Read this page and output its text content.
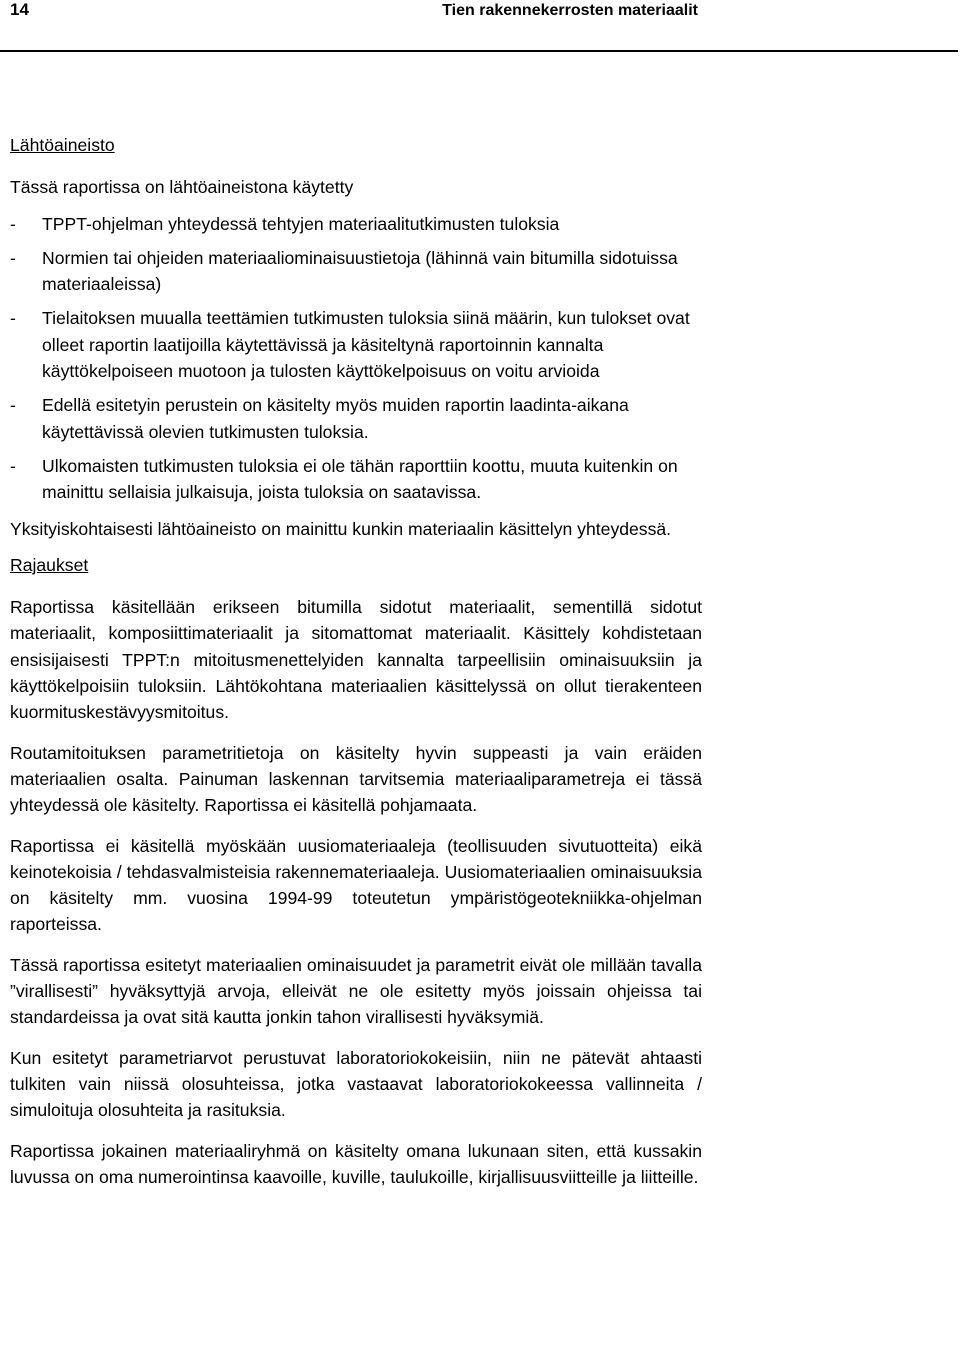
14	Tien rakennekerrosten materiaalit

Lähtöaineisto

Tässä raportissa on lähtöaineistona käytetty

- TPPT-ohjelman yhteydessä tehtyjen materiaalitutkimusten tuloksia
- Normien tai ohjeiden materiaaliominaisuustietoja (lähinnä vain bitumilla sidotuissa materiaaleissa)
- Tielaitoksen muualla teettämien tutkimusten tuloksia siinä määrin, kun tulokset ovat olleet raportin laatijoilla käytettävissä ja käsiteltynä raportoinnin kannalta käyttökelpoiseen muotoon ja tulosten käyttökelpoisuus on voitu arvioida
- Edellä esitetyin perustein on käsitelty myös muiden raportin laadinta-aikana käytettävissä olevien tutkimusten tuloksia.
- Ulkomaisten tutkimusten tuloksia ei ole tähän raporttiin koottu, muuta kuitenkin on mainittu sellaisia julkaisuja, joista tuloksia on saatavissa.

Yksityiskohtaisesti lähtöaineisto on mainittu kunkin materiaalin käsittelyn yhteydessä.

Rajaukset

Raportissa käsitellään erikseen bitumilla sidotut materiaalit, sementillä sidotut materiaalit, komposiittimateriaalit ja sitomattomat materiaalit. Käsittely kohdistetaan ensisijaisesti TPPT:n mitoitusmenettelyiden kannalta tarpeellisiin ominaisuuksiin ja käyttökelpoisiin tuloksiin. Lähtökohtana materiaalien käsittelyssä on ollut tierakenteen kuormituskestävyysmitoitus.

Routamitoituksen parametritietoja on käsitelty hyvin suppeasti ja vain eräiden materiaalien osalta. Painuman laskennan tarvitsemia materiaaliparametreja ei tässä yhteydessä ole käsitelty. Raportissa ei käsitellä pohjamaata.

Raportissa ei käsitellä myöskään uusiomateriaaleja (teollisuuden sivutuotteita) eikä keinotekoisia / tehdasvalmisteisia rakennemateriaaleja. Uusiomateriaalien ominaisuuksia on käsitelty mm. vuosina 1994-99 toteutetun ympäristögeotekniikka-ohjelman raporteissa.

Tässä raportissa esitetyt materiaalien ominaisuudet ja parametrit eivät ole millään tavalla ”virallisesti” hyväksyttyjä arvoja, elleivät ne ole esitetty myös joissain ohjeissa tai standardeissa ja ovat sitä kautta jonkin tahon virallisesti hyväksymiä.

Kun esitetyt parametriarvot perustuvat laboratoriokokeisiin, niin ne pätevät ahtaasti tulkiten vain niissä olosuhteissa, jotka vastaavat laboratoriokokeessa vallinneita / simuloituja olosuhteita ja rasituksia.

Raportissa jokainen materiaaliryhmä on käsitelty omana lukunaan siten, että kussakin luvussa on oma numerointinsa kaavoille, kuville, taulukoille, kirjallisuusviitteille ja liitteille.
